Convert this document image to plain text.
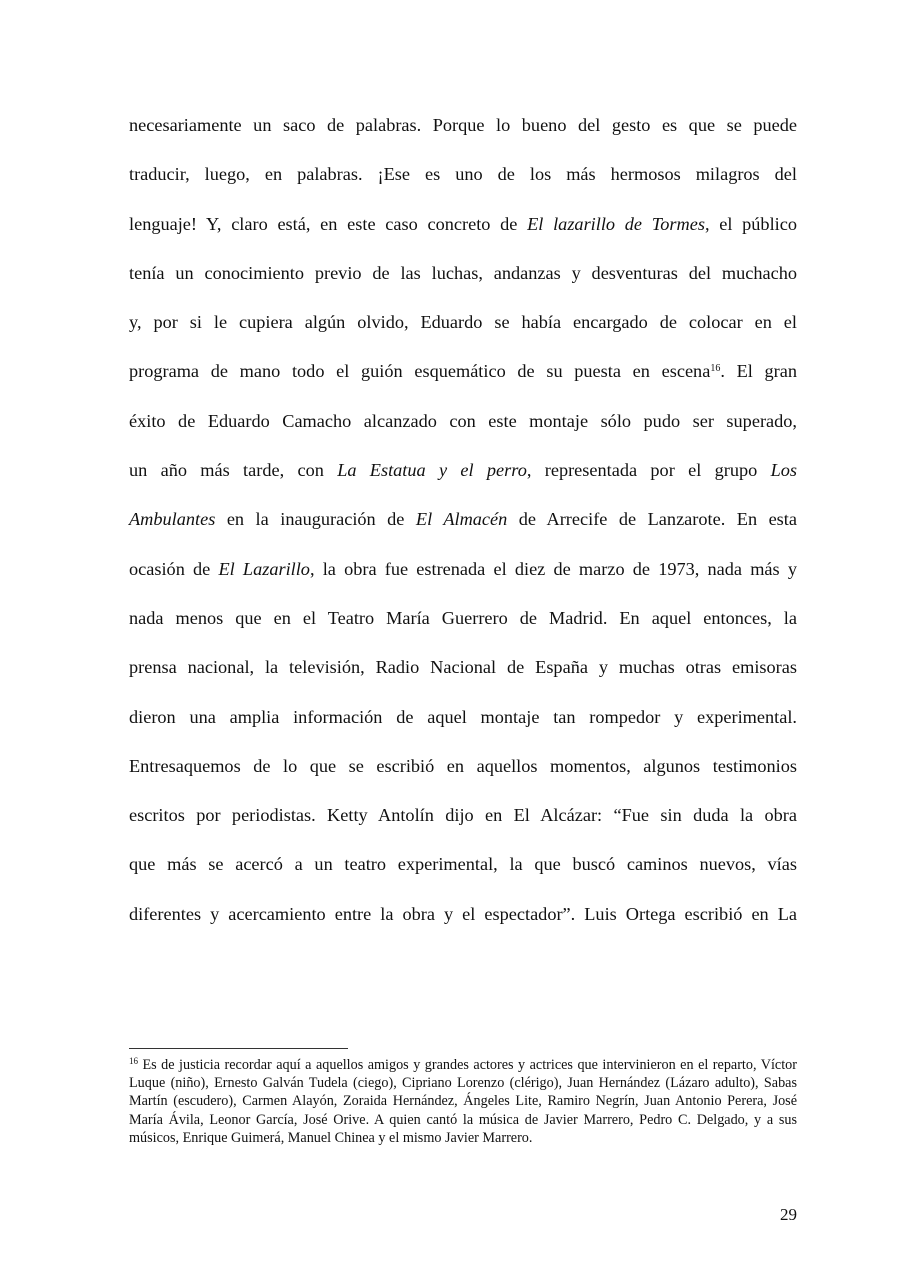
necesariamente un saco de palabras. Porque lo bueno del gesto es que se puede
traducir, luego, en palabras. ¡Ese es uno de los más hermosos milagros del
lenguaje! Y, claro está, en este caso concreto de El lazarillo de Tormes, el público
tenía un conocimiento previo de las luchas, andanzas y desventuras del muchacho
y, por si le cupiera algún olvido, Eduardo se había encargado de colocar en el
programa de mano todo el guión esquemático de su puesta en escena$^{16}$. El gran
éxito de Eduardo Camacho alcanzado con este montaje sólo pudo ser superado,
un año más tarde, con La Estatua y el perro, representada por el grupo Los
Ambulantes en la inauguración de El Almacén de Arrecife de Lanzarote. En esta
ocasión de El Lazarillo, la obra fue estrenada el diez de marzo de 1973, nada más y
nada menos que en el Teatro María Guerrero de Madrid. En aquel entonces, la
prensa nacional, la televisión, Radio Nacional de España y muchas otras emisoras
dieron una amplia información de aquel montaje tan rompedor y experimental.
Entresaquemos de lo que se escribió en aquellos momentos, algunos testimonios
escritos por periodistas. Ketty Antolín dijo en El Alcázar: “Fue sin duda la obra
que más se acercó a un teatro experimental, la que buscó caminos nuevos, vías
diferentes y acercamiento entre la obra y el espectador”. Luis Ortega escribió en La

$^{16}$ Es de justicia recordar aquí a aquellos amigos y grandes actores y actrices que intervinieron en el reparto, Víctor Luque (niño), Ernesto Galván Tudela (ciego), Cipriano Lorenzo (clérigo), Juan Hernández (Lázaro adulto), Sabas Martín (escudero), Carmen Alayón, Zoraida Hernández, Ángeles Lite, Ramiro Negrín, Juan Antonio Perera, José María Ávila, Leonor García, José Orive. A quien cantó la música de Javier Marrero, Pedro C. Delgado, y a sus músicos, Enrique Guimerá, Manuel Chinea y el mismo Javier Marrero.

29
